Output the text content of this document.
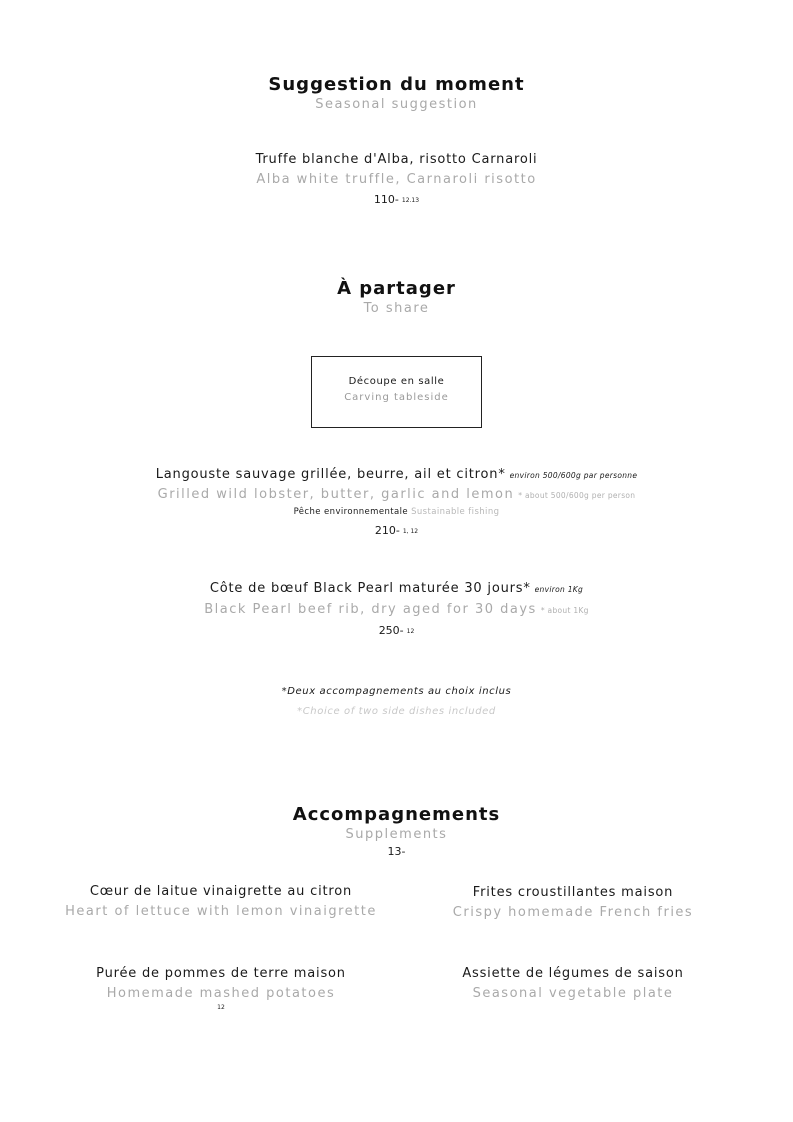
Suggestion du moment
Seasonal suggestion
Truffe blanche d'Alba, risotto Carnaroli
Alba white truffle, Carnaroli risotto
110- 12.13
À partager
To share
Découpe en salle
Carving tableside
Langouste sauvage grillée, beurre, ail et citron* environ 500/600g par personne
Grilled wild lobster, butter, garlic and lemon * about 500/600g per person
Pêche environnementale Sustainable fishing
210- 1, 12
Côte de bœuf Black Pearl maturée 30 jours* environ 1Kg
Black Pearl beef rib, dry aged for 30 days * about 1Kg
250- 12
*Deux accompagnements au choix inclus
*Choice of two side dishes included
Accompagnements
Supplements
13-
Cœur de laitue vinaigrette au citron
Heart of lettuce with lemon vinaigrette
Frites croustillantes maison
Crispy homemade French fries
Purée de pommes de terre maison
Homemade mashed potatoes
12
Assiette de légumes de saison
Seasonal vegetable plate
